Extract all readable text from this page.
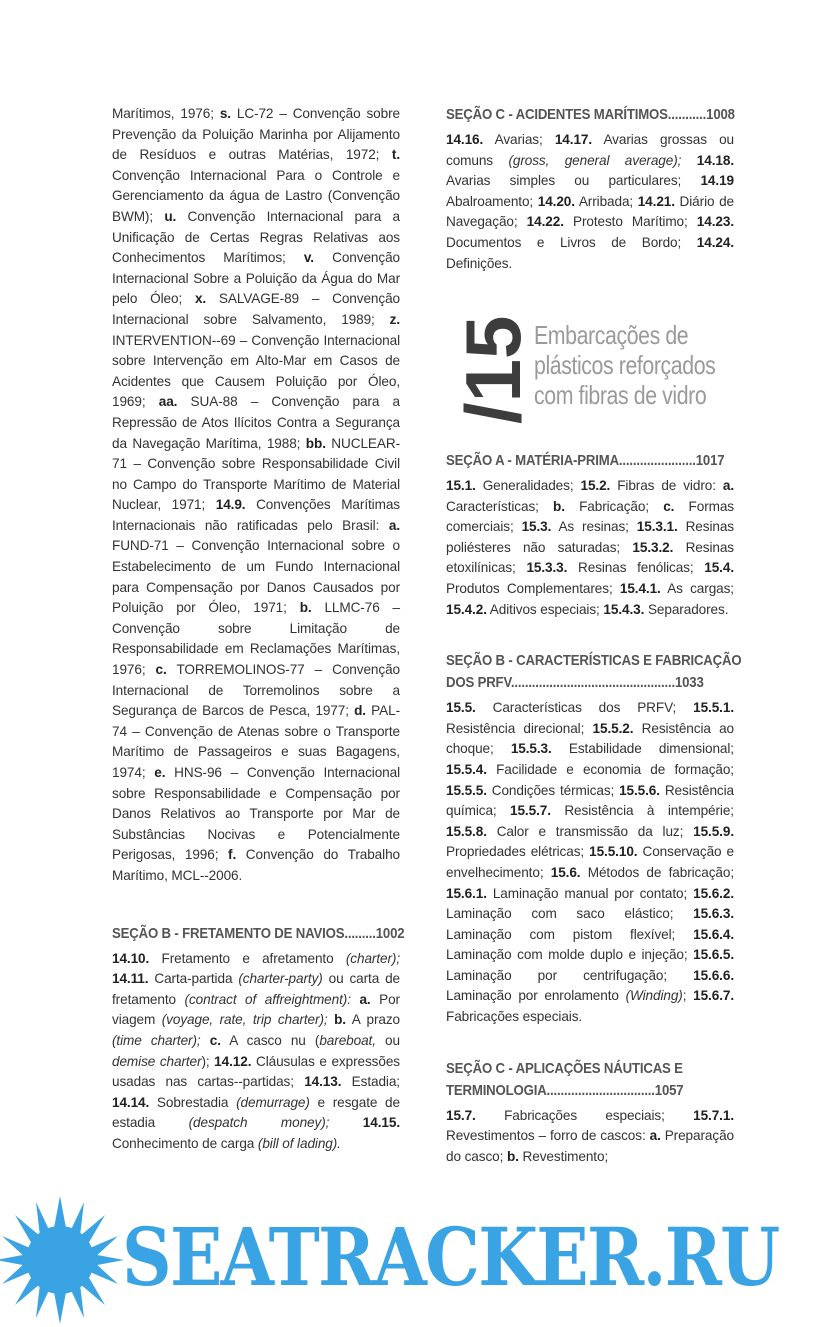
Marítimos, 1976; s. LC-72 – Convenção sobre Prevenção da Poluição Marinha por Alijamento de Resíduos e outras Matérias, 1972; t. Convenção Internacional Para o Controle e Gerenciamento da água de Lastro (Convenção BWM); u. Convenção Internacional para a Unificação de Certas Regras Relativas aos Conhecimentos Marítimos; v. Convenção Internacional Sobre a Poluição da Água do Mar pelo Óleo; x. SALVAGE-89 – Convenção Internacional sobre Salvamento, 1989; z. INTERVENTION--69 – Convenção Internacional sobre Intervenção em Alto-Mar em Casos de Acidentes que Causem Poluição por Óleo, 1969; aa. SUA-88 – Convenção para a Repressão de Atos Ilícitos Contra a Segurança da Navegação Marítima, 1988; bb. NUCLEAR-71 – Convenção sobre Responsabilidade Civil no Campo do Transporte Marítimo de Material Nuclear, 1971; 14.9. Convenções Marítimas Internacionais não ratificadas pelo Brasil: a. FUND-71 – Convenção Internacional sobre o Estabelecimento de um Fundo Internacional para Compensação por Danos Causados por Poluição por Óleo, 1971; b. LLMC-76 – Convenção sobre Limitação de Responsabilidade em Reclamações Marítimas, 1976; c. TORREMOLINOS-77 – Convenção Internacional de Torremolinos sobre a Segurança de Barcos de Pesca, 1977; d. PAL-74 – Convenção de Atenas sobre o Transporte Marítimo de Passageiros e suas Bagagens, 1974; e. HNS-96 – Convenção Internacional sobre Responsabilidade e Compensação por Danos Relativos ao Transporte por Mar de Substâncias Nocivas e Potencialmente Perigosas, 1996; f. Convenção do Trabalho Marítimo, MCL--2006.

SEÇÃO B - FRETAMENTO DE NAVIOS.........1002

14.10. Fretamento e afretamento (charter); 14.11. Carta-partida (charter-party) ou carta de fretamento (contract of affreightment): a. Por viagem (voyage, rate, trip charter); b. A prazo (time charter); c. A casco nu (bareboat, ou demise charter); 14.12. Cláusulas e expressões usadas nas cartas--partidas; 14.13. Estadia; 14.14. Sobrestadia (demurrage) e resgate de estadia (despatch money); 14.15. Conhecimento de carga (bill of lading).

SEÇÃO C - ACIDENTES MARÍTIMOS...........1008

14.16. Avarias; 14.17. Avarias grossas ou comuns (gross, general average); 14.18. Avarias simples ou particulares; 14.19 Abalroamento; 14.20. Arribada; 14.21. Diário de Navegação; 14.22. Protesto Marítimo; 14.23. Documentos e Livros de Bordo; 14.24. Definições.

/15
Embarcações de
plásticos reforçados
com fibras de vidro
SEÇÃO A - MATÉRIA-PRIMA......................1017

15.1. Generalidades; 15.2. Fibras de vidro: a. Características; b. Fabricação; c. Formas comerciais; 15.3. As resinas; 15.3.1. Resinas poliésteres não saturadas; 15.3.2. Resinas etoxilínicas; 15.3.3. Resinas fenólicas; 15.4. Produtos Complementares; 15.4.1. As cargas; 15.4.2. Aditivos especiais; 15.4.3. Separadores.

SEÇÃO B - CARACTERÍSTICAS E FABRICAÇÃO
DOS PRFV...............................................1033

15.5. Características dos PRFV; 15.5.1. Resistência direcional; 15.5.2. Resistência ao choque; 15.5.3. Estabilidade dimensional; 15.5.4. Facilidade e economia de formação; 15.5.5. Condições térmicas; 15.5.6. Resistência química; 15.5.7. Resistência à intempérie; 15.5.8. Calor e transmissão da luz; 15.5.9. Propriedades elétricas; 15.5.10. Conservação e envelhecimento; 15.6. Métodos de fabricação; 15.6.1. Laminação manual por contato; 15.6.2. Laminação com saco elástico; 15.6.3. Laminação com pistom flexível; 15.6.4. Laminação com molde duplo e injeção; 15.6.5. Laminação por centrifugação; 15.6.6. Laminação por enrolamento (Winding); 15.6.7. Fabricações especiais.

SEÇÃO C - APLICAÇÕES NÁUTICAS E
TERMINOLOGIA...............................1057

15.7. Fabricações especiais; 15.7.1. Revestimentos – forro de cascos: a. Preparação do casco; b. Revestimento;

SEATRACKER.RU
